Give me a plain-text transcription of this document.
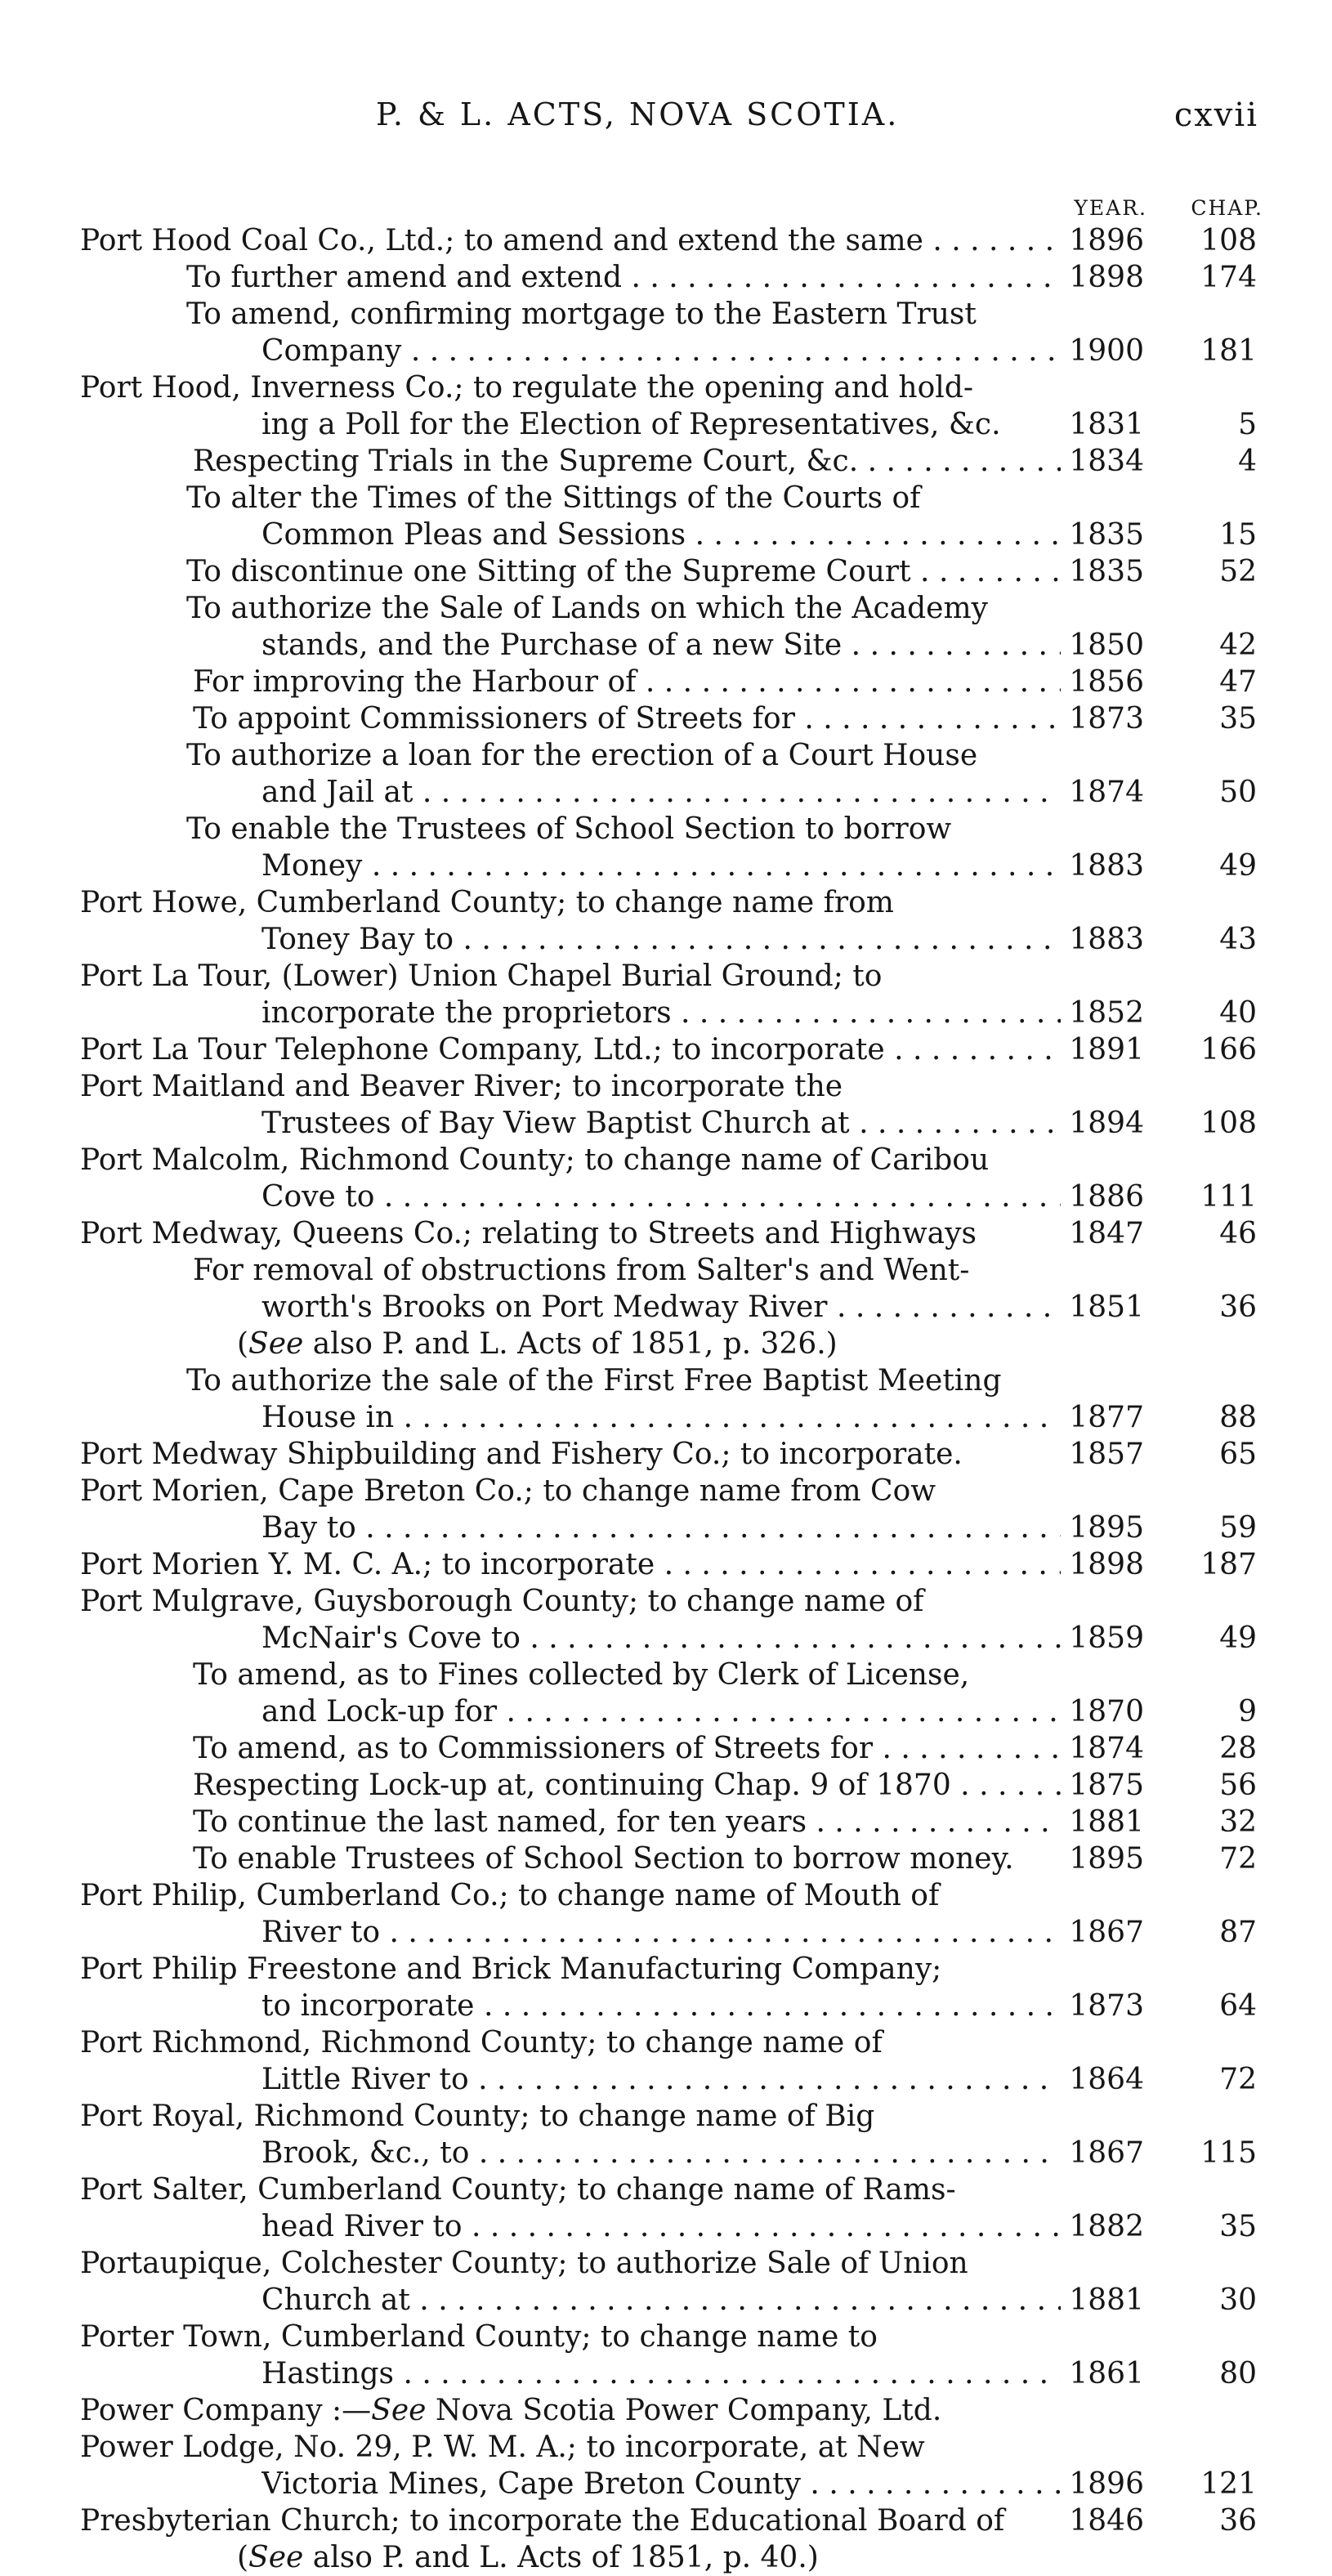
P. & L. ACTS, NOVA SCOTIA.	cxvii
YEAR. CHAP.
Port Hood Coal Co., Ltd.; to amend and extend the same . . .	1896 108
To further amend and extend . . .	1898 174
To amend, confirming mortgage to the Eastern Trust
Company . . .	1900 181
Port Hood, Inverness Co.; to regulate the opening and hold-
ing a Poll for the Election of Representatives, &c.	1831	5
Respecting Trials in the Supreme Court, &c. . . .	1834	4
To alter the Times of the Sittings of the Courts of
Common Pleas and Sessions . . .	1835	15
To discontinue one Sitting of the Supreme Court . . .	1835	52
To authorize the Sale of Lands on which the Academy
stands, and the Purchase of a new Site . . .	1850	42
For improving the Harbour of . . .	1856	47
To appoint Commissioners of Streets for . . .	1873	35
To authorize a loan for the erection of a Court House
and Jail at . . .	1874	50
To enable the Trustees of School Section to borrow
Money . . .	1883	49
Port Howe, Cumberland County; to change name from
Toney Bay to . . .	1883	43
Port La Tour, (Lower) Union Chapel Burial Ground; to
incorporate the proprietors . . .	1852	40
Port La Tour Telephone Company, Ltd.; to incorporate . . .	1891 166
Port Maitland and Beaver River; to incorporate the
Trustees of Bay View Baptist Church at . . .	1894 108
Port Malcolm, Richmond County; to change name of Caribou
Cove to . . .	1886 111
Port Medway, Queens Co.; relating to Streets and Highways	1847	46
For removal of obstructions from Salter's and Went-
worth's Brooks on Port Medway River . . .	1851	36
(See also P. and L. Acts of 1851, p. 326.)
To authorize the sale of the First Free Baptist Meeting
House in . . .	1877	88
Port Medway Shipbuilding and Fishery Co.; to incorporate.	1857	65
Port Morien, Cape Breton Co.; to change name from Cow
Bay to . . .	1895	59
Port Morien Y. M. C. A.; to incorporate . . .	1898 187
Port Mulgrave, Guysborough County; to change name of
McNair's Cove to . . .	1859	49
To amend, as to Fines collected by Clerk of License,
and Lock-up for . . .	1870	9
To amend, as to Commissioners of Streets for . . .	1874	28
Respecting Lock-up at, continuing Chap. 9 of 1870 . . .	1875	56
To continue the last named, for ten years . . .	1881	32
To enable Trustees of School Section to borrow money.	1895	72
Port Philip, Cumberland Co.; to change name of Mouth of
River to . . .	1867	87
Port Philip Freestone and Brick Manufacturing Company;
to incorporate . . .	1873	64
Port Richmond, Richmond County; to change name of
Little River to . . .	1864	72
Port Royal, Richmond County; to change name of Big
Brook, &c., to . . .	1867 115
Port Salter, Cumberland County; to change name of Rams-
head River to . . .	1882	35
Portaupique, Colchester County; to authorize Sale of Union
Church at . . .	1881	30
Porter Town, Cumberland County; to change name to
Hastings . . .	1861	80
Power Company :—See Nova Scotia Power Company, Ltd.
Power Lodge, No. 29, P. W. M. A.; to incorporate, at New
Victoria Mines, Cape Breton County . . .	1896 121
Presbyterian Church; to incorporate the Educational Board of	1846	36
(See also P. and L. Acts of 1851, p. 40.)
